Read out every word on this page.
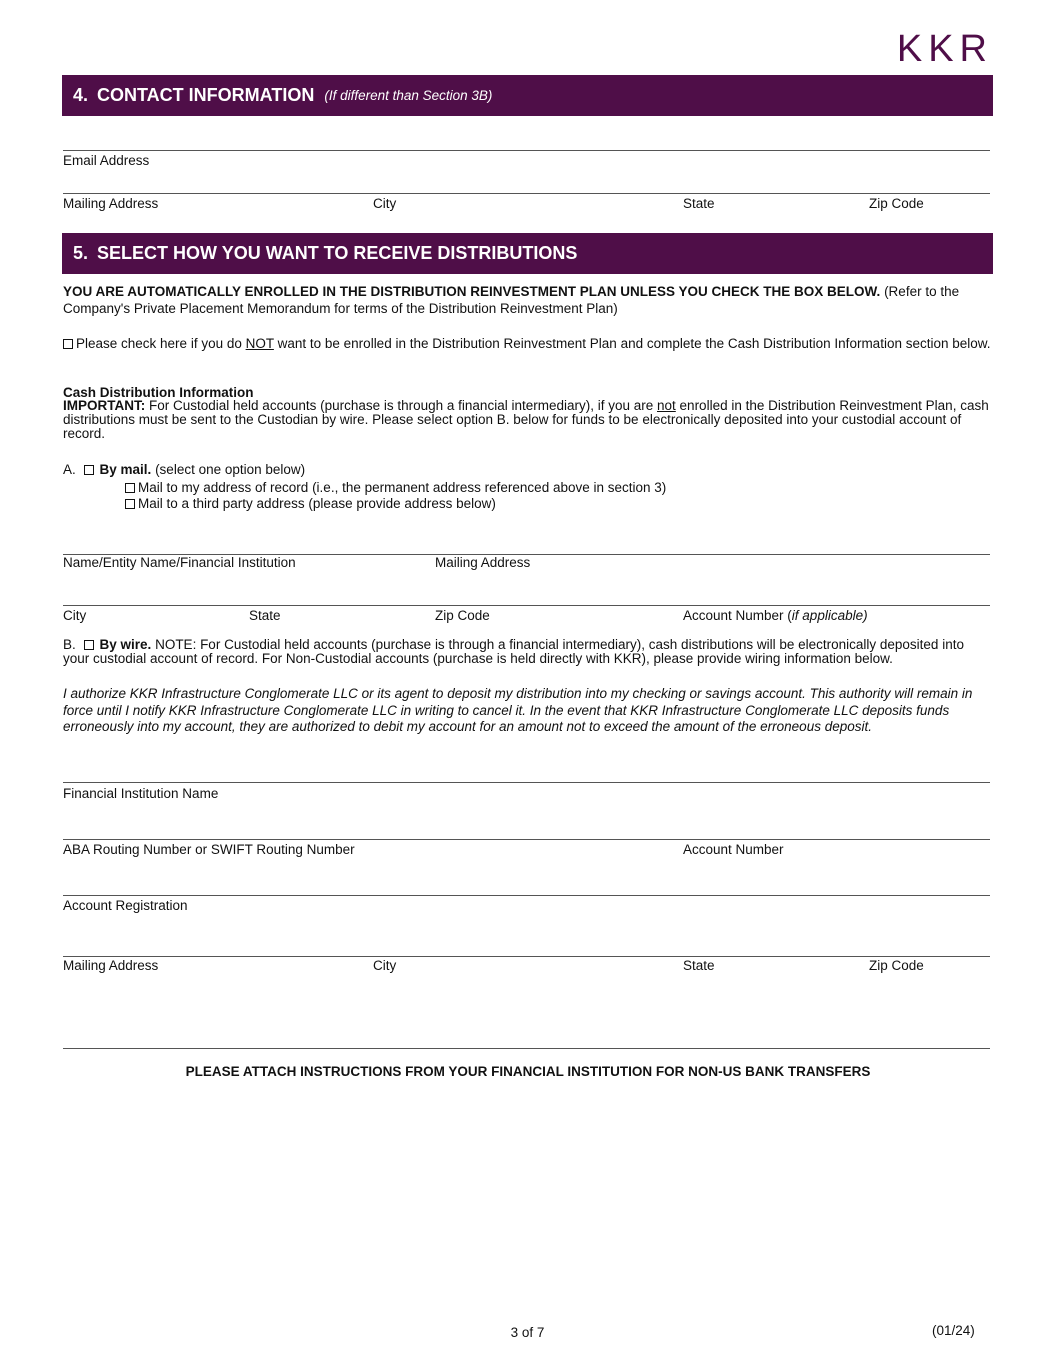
KKR
4. CONTACT INFORMATION (If different than Section 3B)
Email Address
Mailing Address	City	State	Zip Code
5. SELECT HOW YOU WANT TO RECEIVE DISTRIBUTIONS
YOU ARE AUTOMATICALLY ENROLLED IN THE DISTRIBUTION REINVESTMENT PLAN UNLESS YOU CHECK THE BOX BELOW. (Refer to the Company's Private Placement Memorandum for terms of the Distribution Reinvestment Plan)
Please check here if you do NOT want to be enrolled in the Distribution Reinvestment Plan and complete the Cash Distribution Information section below.
Cash Distribution Information
IMPORTANT: For Custodial held accounts (purchase is through a financial intermediary), if you are not enrolled in the Distribution Reinvestment Plan, cash distributions must be sent to the Custodian by wire. Please select option B. below for funds to be electronically deposited into your custodial account of record.
A. By mail. (select one option below)
Mail to my address of record (i.e., the permanent address referenced above in section 3)
Mail to a third party address (please provide address below)
Name/Entity Name/Financial Institution	Mailing Address
City	State	Zip Code	Account Number (if applicable)
B. By wire. NOTE: For Custodial held accounts (purchase is through a financial intermediary), cash distributions will be electronically deposited into your custodial account of record. For Non-Custodial accounts (purchase is held directly with KKR), please provide wiring information below.
I authorize KKR Infrastructure Conglomerate LLC or its agent to deposit my distribution into my checking or savings account. This authority will remain in force until I notify KKR Infrastructure Conglomerate LLC in writing to cancel it. In the event that KKR Infrastructure Conglomerate LLC deposits funds erroneously into my account, they are authorized to debit my account for an amount not to exceed the amount of the erroneous deposit.
Financial Institution Name
ABA Routing Number or SWIFT Routing Number	Account Number
Account Registration
Mailing Address	City	State	Zip Code
PLEASE ATTACH INSTRUCTIONS FROM YOUR FINANCIAL INSTITUTION FOR NON-US BANK TRANSFERS
3 of 7	(01/24)
